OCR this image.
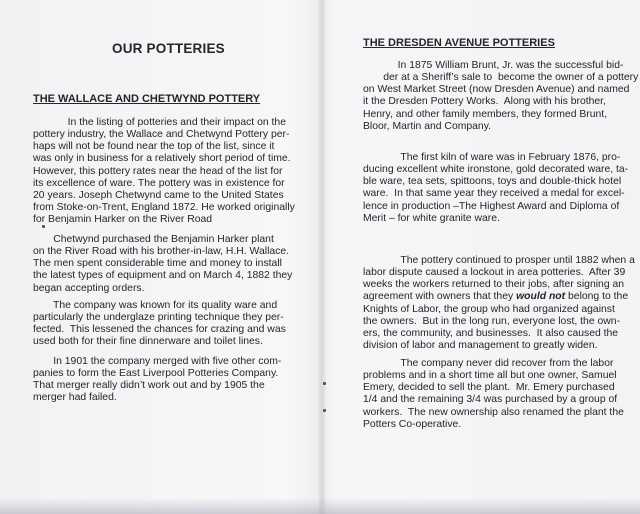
OUR POTTERIES
THE WALLACE AND CHETWYND POTTERY
In the listing of potteries and their impact on the
pottery industry, the Wallace and Chetwynd Pottery per-
haps will not be found near the top of the list, since it
was only in business for a relatively short period of time.
However, this pottery rates near the head of the list for
its excellence of ware. The pottery was in existence for
20 years. Joseph Chetwynd came to the United States
from Stoke-on-Trent, England 1872. He worked originally
for Benjamin Harker on the River Road
Chetwynd purchased the Benjamin Harker plant
on the River Road with his brother-in-law, H.H. Wallace.
The men spent considerable time and money to install
the latest types of equipment and on March 4, 1882 they
began accepting orders.
The company was known for its quality ware and
particularly the underglaze printing technique they per-
fected.  This lessened the chances for crazing and was
used both for their fine dinnerware and toilet lines.
In 1901 the company merged with five other com-
panies to form the East Liverpool Potteries Company.
That merger really didn’t work out and by 1905 the
merger had failed.
THE DRESDEN AVENUE POTTERIES
In 1875 William Brunt, Jr. was the successful bid-
der at a Sheriff’s sale to  become the owner of a pottery
on West Market Street (now Dresden Avenue) and named
it the Dresden Pottery Works.  Along with his brother,
Henry, and other family members, they formed Brunt,
Bloor, Martin and Company.
The first kiln of ware was in February 1876, pro-
ducing excellent white ironstone, gold decorated ware, ta-
ble ware, tea sets, spittoons, toys and double-thick hotel
ware.  In that same year they received a medal for excel-
lence in production –The Highest Award and Diploma of
Merit – for white granite ware.
The pottery continued to prosper until 1882 when a
labor dispute caused a lockout in area potteries.  After 39
weeks the workers returned to their jobs, after signing an
agreement with owners that they would not belong to the
Knights of Labor, the group who had organized against
the owners.  But in the long run, everyone lost, the own-
ers, the community, and businesses.  It also caused the
division of labor and management to greatly widen.
The company never did recover from the labor
problems and in a short time all but one owner, Samuel
Emery, decided to sell the plant.  Mr. Emery purchased
1/4 and the remaining 3/4 was purchased by a group of
workers.  The new ownership also renamed the plant the
Potters Co-operative.
